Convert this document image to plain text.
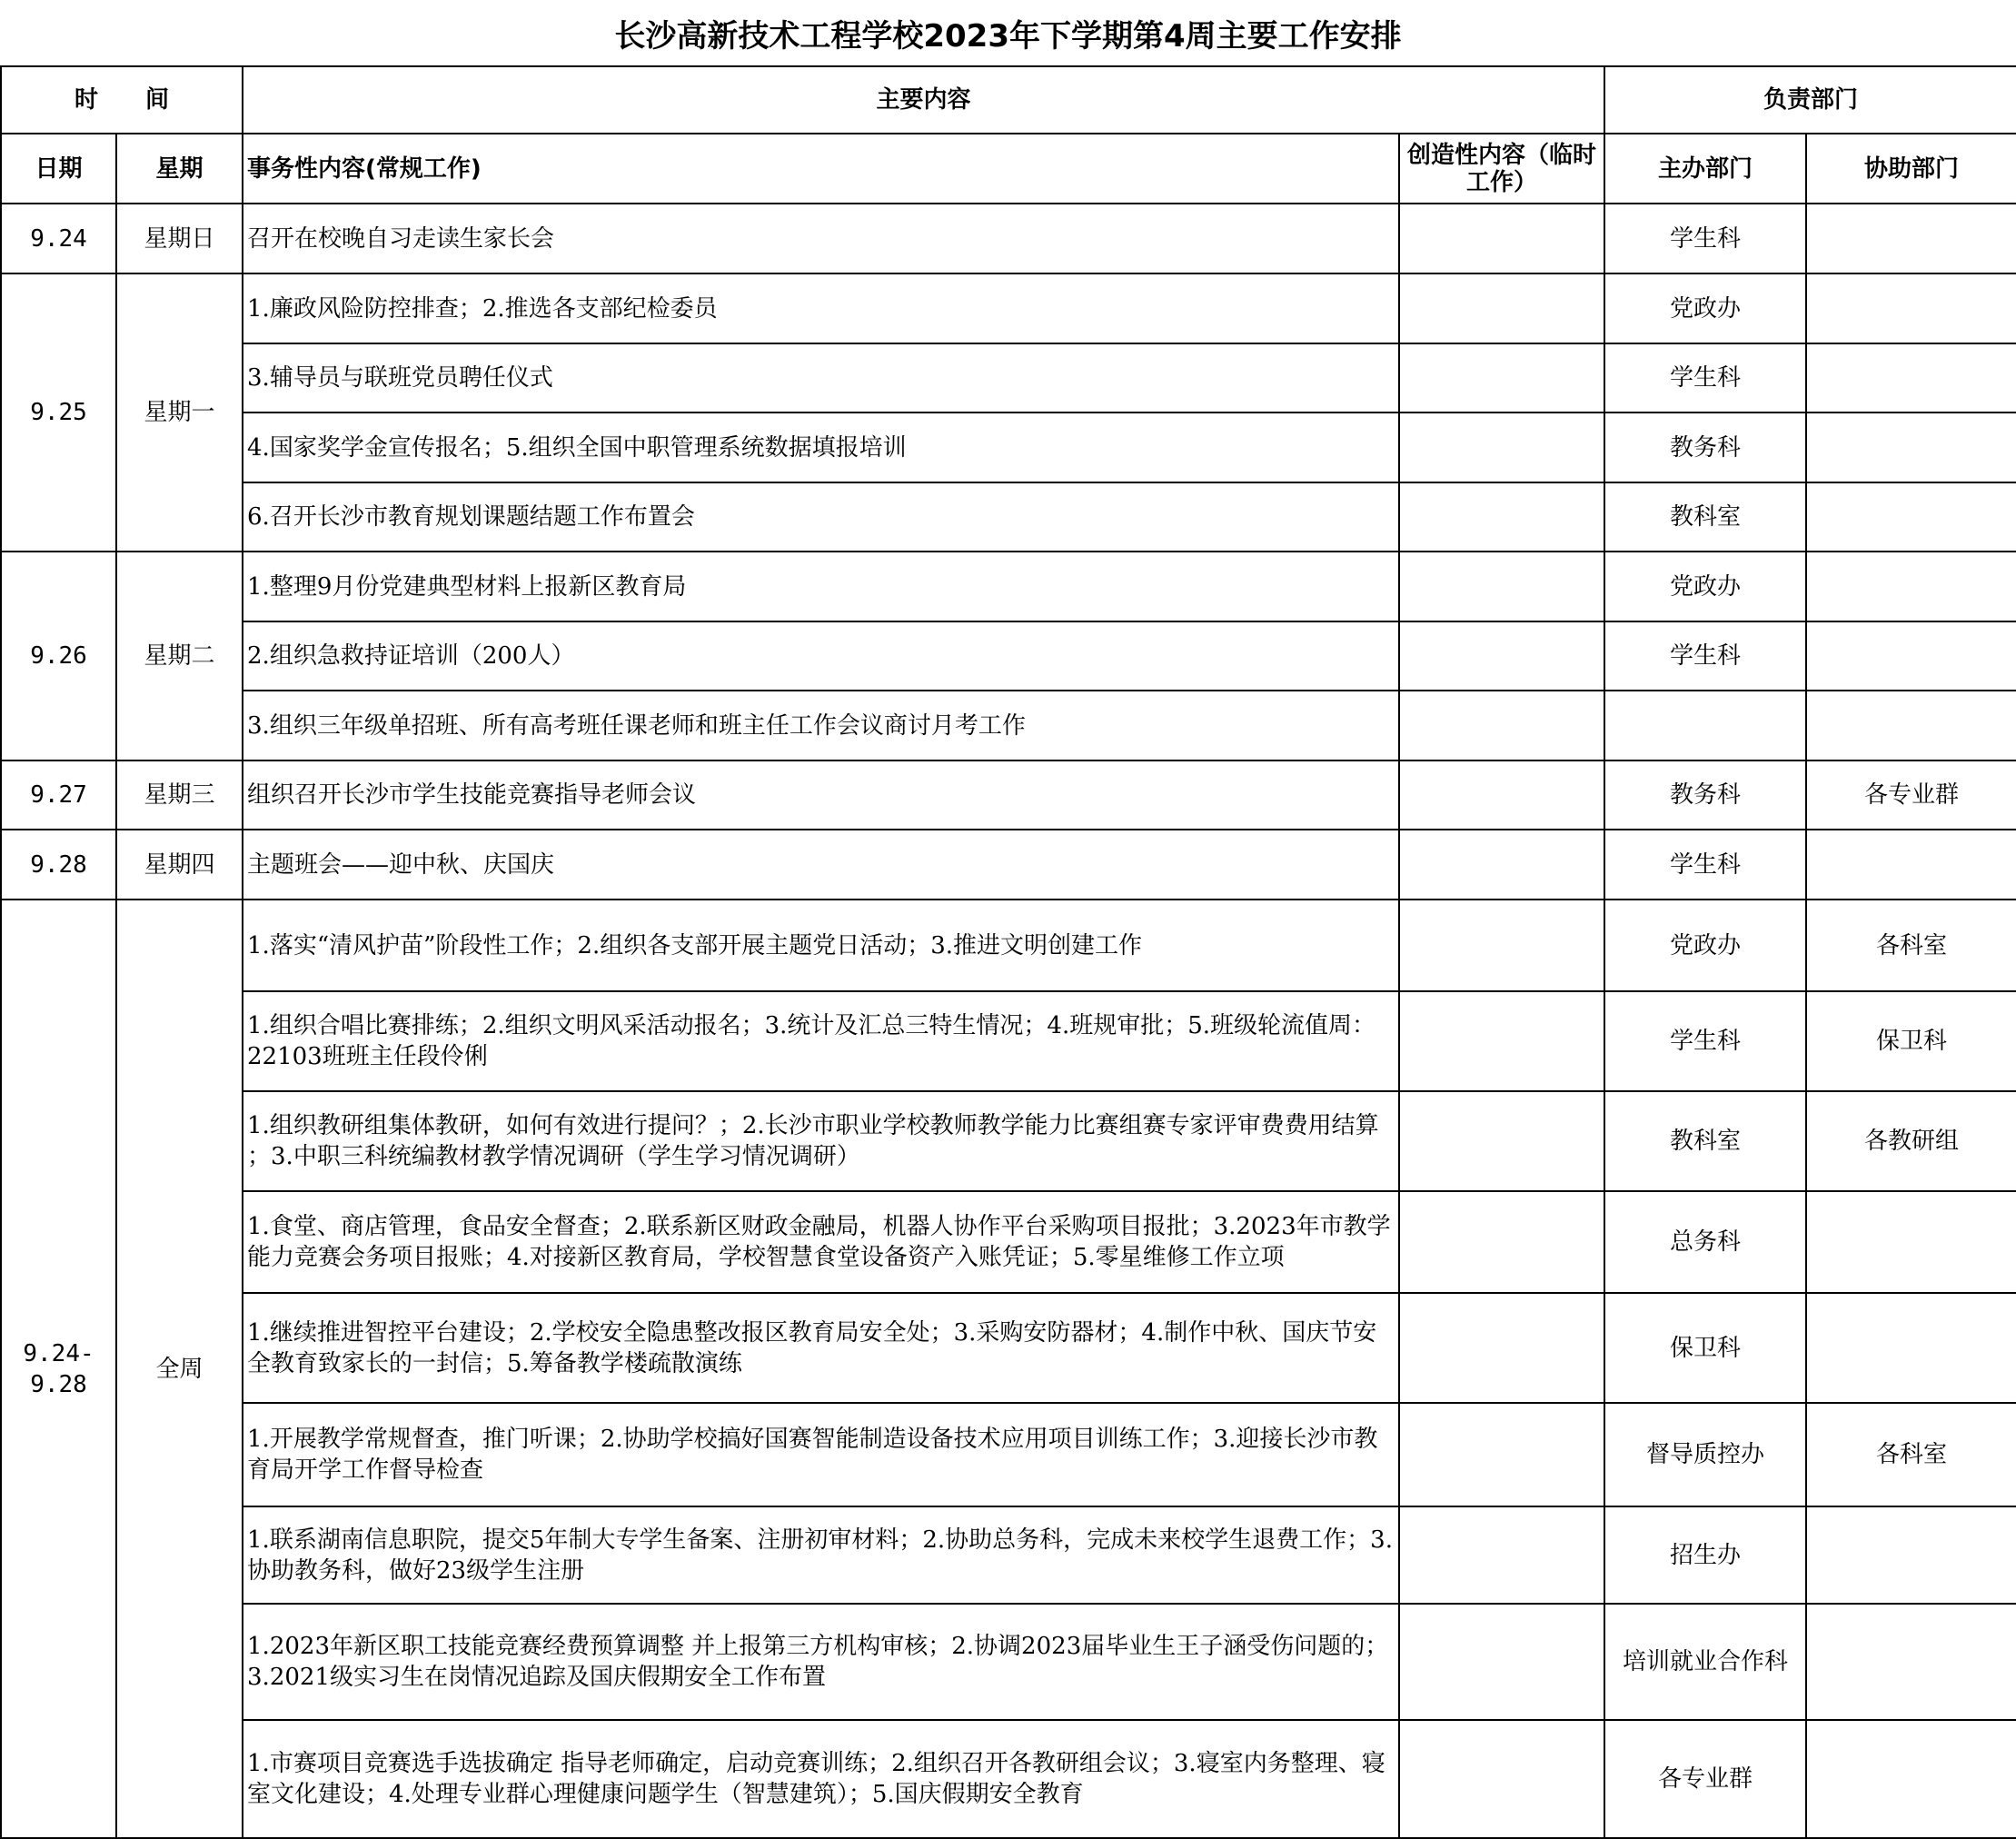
长沙高新技术工程学校2023年下学期第4周主要工作安排
时　　间		主要内容		负责部门	
日期	星期	事务性内容(常规工作)	创造性内容（临时工作）	主办部门	协助部门
9.24	星期日	召开在校晚自习走读生家长会		学生科	
9.25	星期一	1.廉政风险防控排查；2.推选各支部纪检委员		党政办	
		3.辅导员与联班党员聘任仪式		学生科	
		4.国家奖学金宣传报名；5.组织全国中职管理系统数据填报培训		教务科	
		6.召开长沙市教育规划课题结题工作布置会		教科室	
9.26	星期二	1.整理9月份党建典型材料上报新区教育局		党政办	
		2.组织急救持证培训（200人）		学生科	
		3.组织三年级单招班、所有高考班任课老师和班主任工作会议商讨月考工作			
9.27	星期三	组织召开长沙市学生技能竞赛指导老师会议		教务科	各专业群
9.28	星期四	主题班会——迎中秋、庆国庆		学生科	
9.24-9.28	全周	1.落实“清风护苗”阶段性工作；2.组织各支部开展主题党日活动；3.推进文明创建工作		党政办	各科室
		1.组织合唱比赛排练；2.组织文明风采活动报名；3.统计及汇总三特生情况；4.班规审批；5.班级轮流值周：22103班班主任段伶俐		学生科	保卫科
		1.组织教研组集体教研，如何有效进行提问？；2.长沙市职业学校教师教学能力比赛组赛专家评审费费用结算 ；3.中职三科统编教材教学情况调研（学生学习情况调研）		教科室	各教研组
		1.食堂、商店管理，食品安全督查；2.联系新区财政金融局，机器人协作平台采购项目报批；3.2023年市教学能力竞赛会务项目报账；4.对接新区教育局，学校智慧食堂设备资产入账凭证；5.零星维修工作立项		总务科	
		1.继续推进智控平台建设；2.学校安全隐患整改报区教育局安全处；3.采购安防器材；4.制作中秋、国庆节安全教育致家长的一封信；5.筹备教学楼疏散演练		保卫科	
		1.开展教学常规督查，推门听课；2.协助学校搞好国赛智能制造设备技术应用项目训练工作；3.迎接长沙市教育局开学工作督导检查		督导质控办	各科室
		1.联系湖南信息职院，提交5年制大专学生备案、注册初审材料；2.协助总务科，完成未来校学生退费工作；3.协助教务科，做好23级学生注册		招生办	
		1.2023年新区职工技能竞赛经费预算调整 并上报第三方机构审核；2.协调2023届毕业生王子涵受伤问题的；3.2021级实习生在岗情况追踪及国庆假期安全工作布置		培训就业合作科	
		1.市赛项目竞赛选手选拔确定 指导老师确定，启动竞赛训练；2.组织召开各教研组会议；3.寝室内务整理、寝室文化建设；4.处理专业群心理健康问题学生（智慧建筑）；5.国庆假期安全教育		各专业群	
